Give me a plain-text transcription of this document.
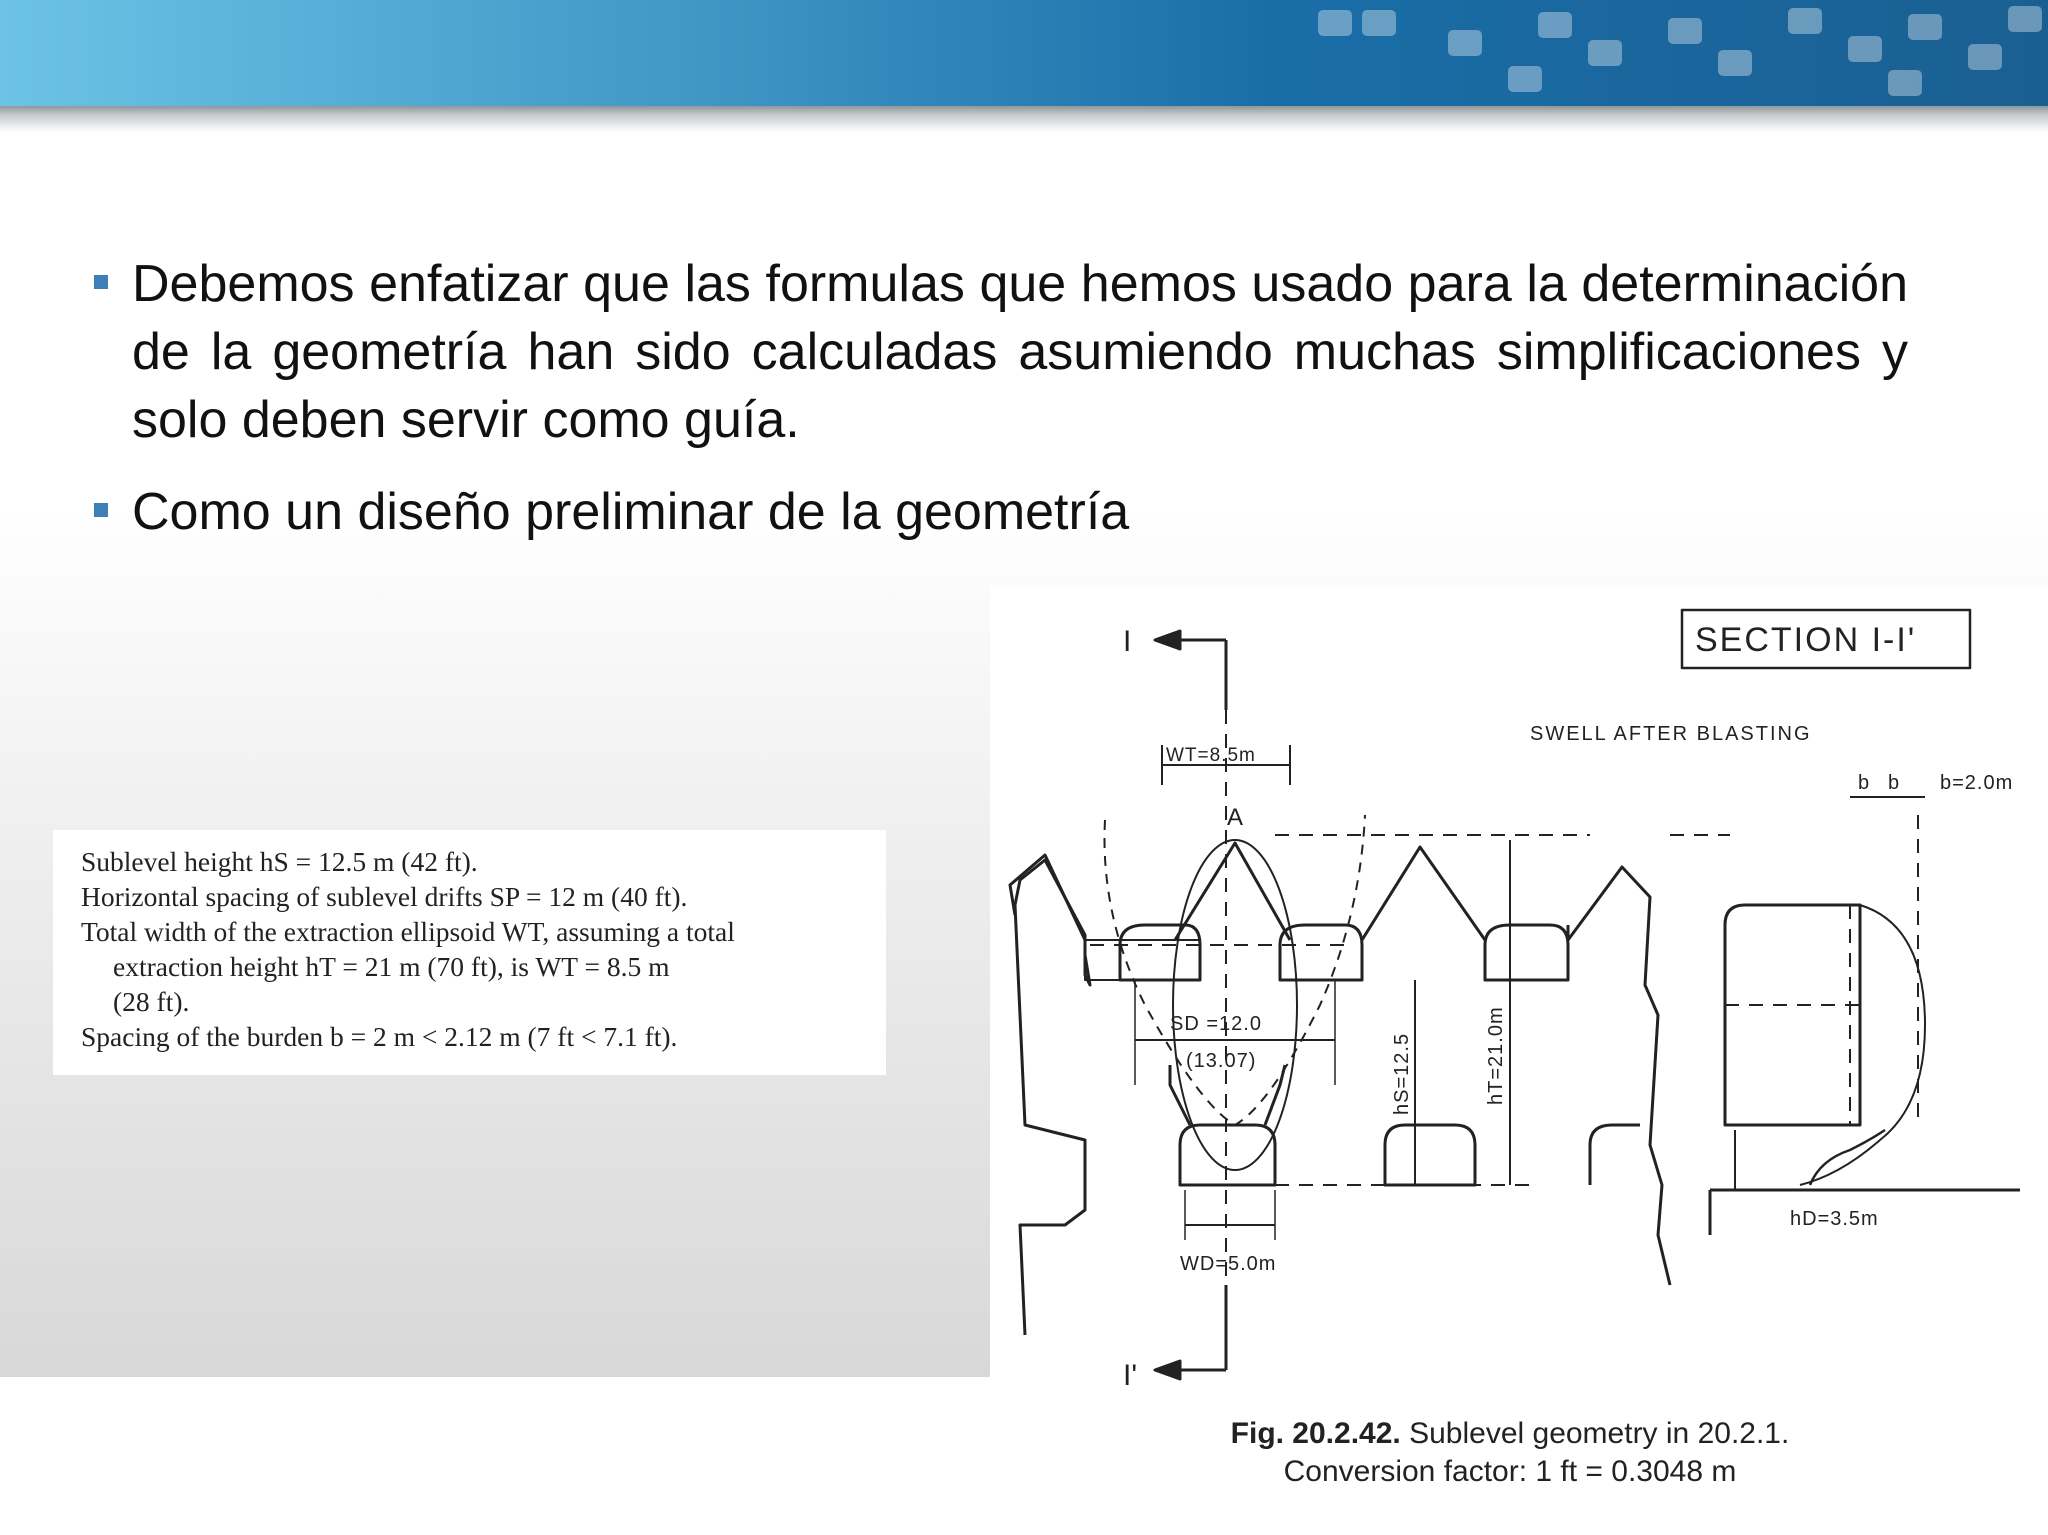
Debemos enfatizar que las formulas que hemos usado para la determinación de la geometría han sido calculadas asumiendo muchas simplificaciones y solo deben servir como guía.
Como un diseño preliminar de la geometría

Sublevel height hS = 12.5 m (42 ft).

Horizontal spacing of sublevel drifts SP = 12 m (40 ft).

Total width of the extraction ellipsoid WT, assuming a total

extraction height hT = 21 m (70 ft), is WT = 8.5 m

(28 ft).

Spacing of the burden b = 2 m < 2.12 m (7 ft < 7.1 ft).

SECTION I-I'
SWELL AFTER BLASTING
WT=8.5m
A
b b b=2.0m
SD =12.0
(13.07)	hS=12.5	hT=21.0m
hD=3.5m
WD=5.0m
I
I'
Fig. 20.2.42. Sublevel geometry in 20.2.1.
Conversion factor: 1 ft = 0.3048 m
